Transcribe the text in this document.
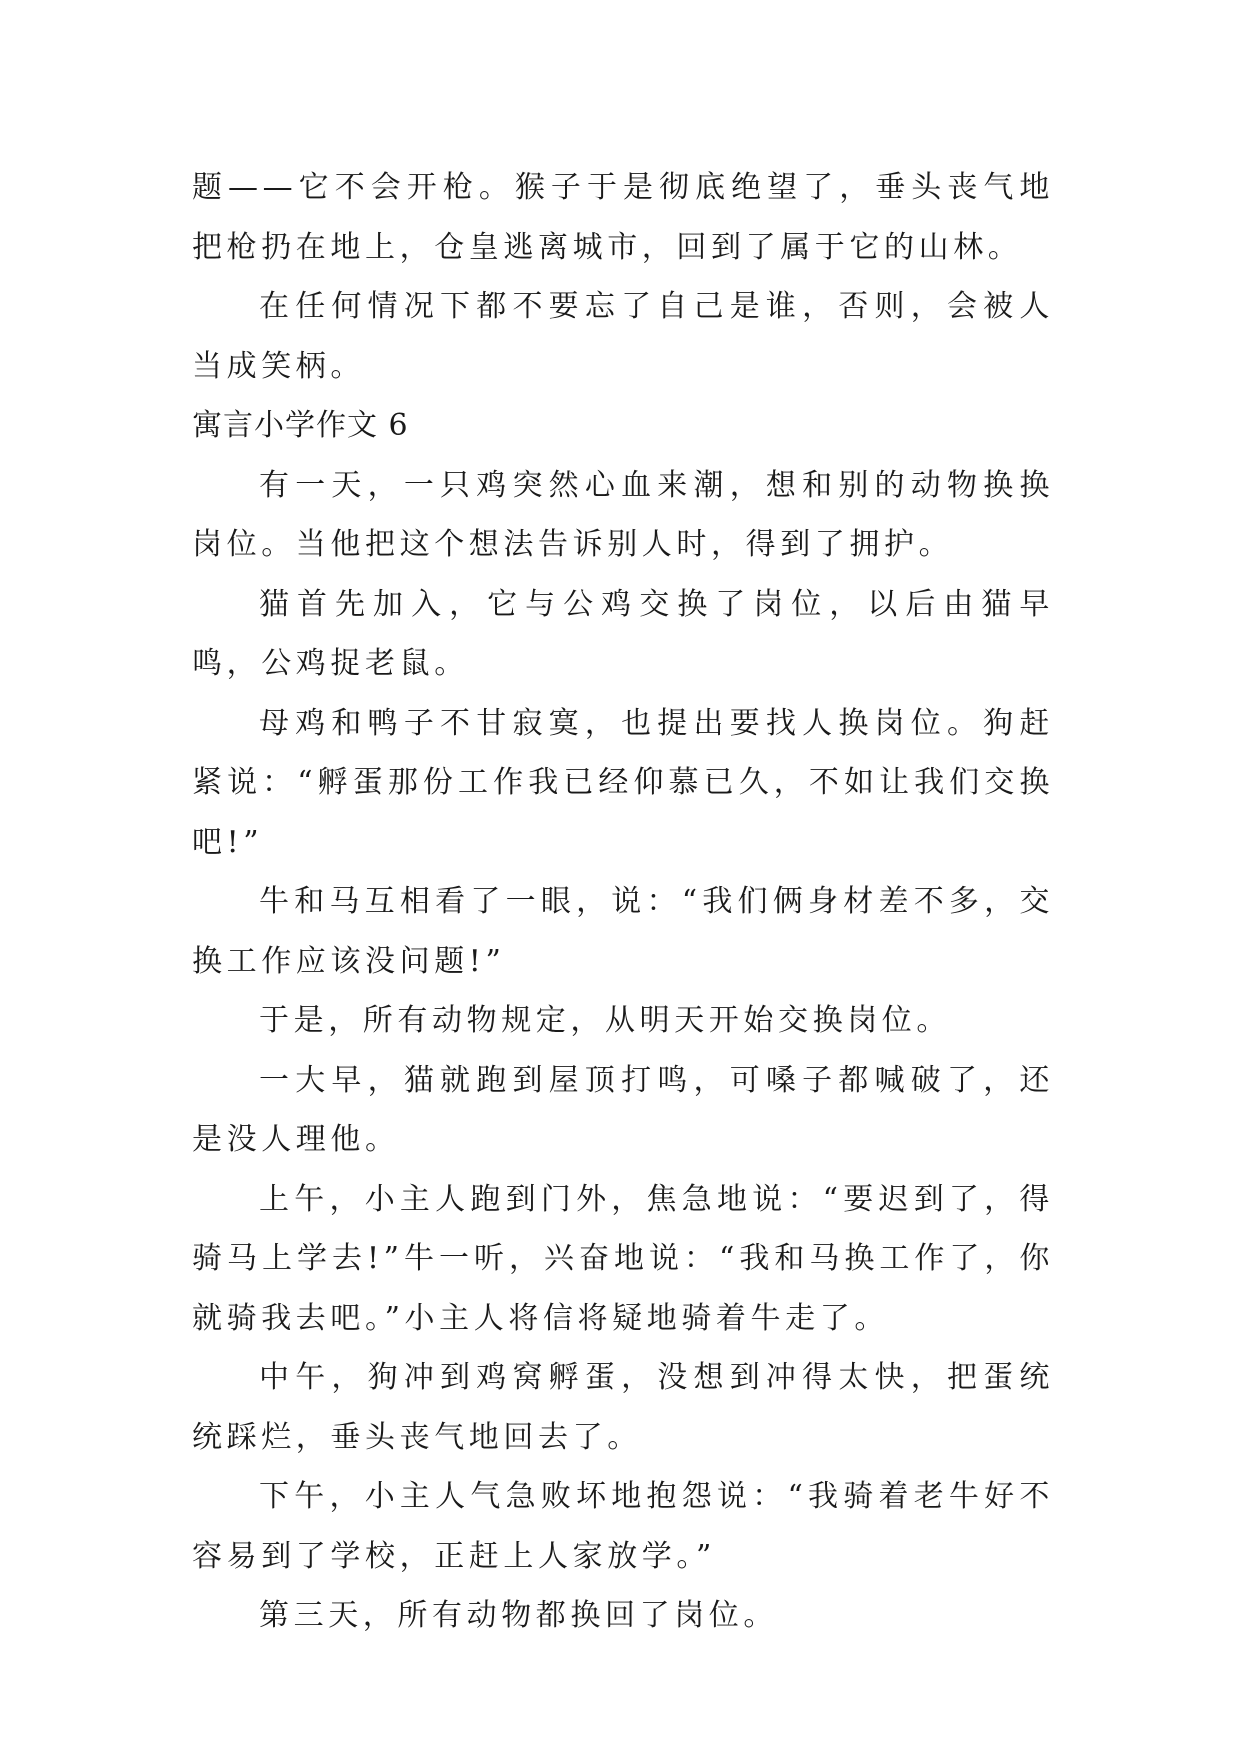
题——它不会开枪。猴子于是彻底绝望了，垂头丧气地把枪扔在地上，仓皇逃离城市，回到了属于它的山林。

在任何情况下都不要忘了自己是谁，否则，会被人当成笑柄。

寓言小学作文 6

有一天，一只鸡突然心血来潮，想和别的动物换换岗位。当他把这个想法告诉别人时，得到了拥护。

猫首先加入，它与公鸡交换了岗位，以后由猫早鸣，公鸡捉老鼠。

母鸡和鸭子不甘寂寞，也提出要找人换岗位。狗赶紧说：“孵蛋那份工作我已经仰慕已久，不如让我们交换吧!”

牛和马互相看了一眼，说：“我们俩身材差不多，交换工作应该没问题!”

于是，所有动物规定，从明天开始交换岗位。

一大早，猫就跑到屋顶打鸣，可嗓子都喊破了，还是没人理他。

上午，小主人跑到门外，焦急地说：“要迟到了，得骑马上学去!”牛一听，兴奋地说：“我和马换工作了，你就骑我去吧。”小主人将信将疑地骑着牛走了。

中午，狗冲到鸡窝孵蛋，没想到冲得太快，把蛋统统踩烂，垂头丧气地回去了。

下午，小主人气急败坏地抱怨说：“我骑着老牛好不容易到了学校，正赶上人家放学。”

第三天，所有动物都换回了岗位。
